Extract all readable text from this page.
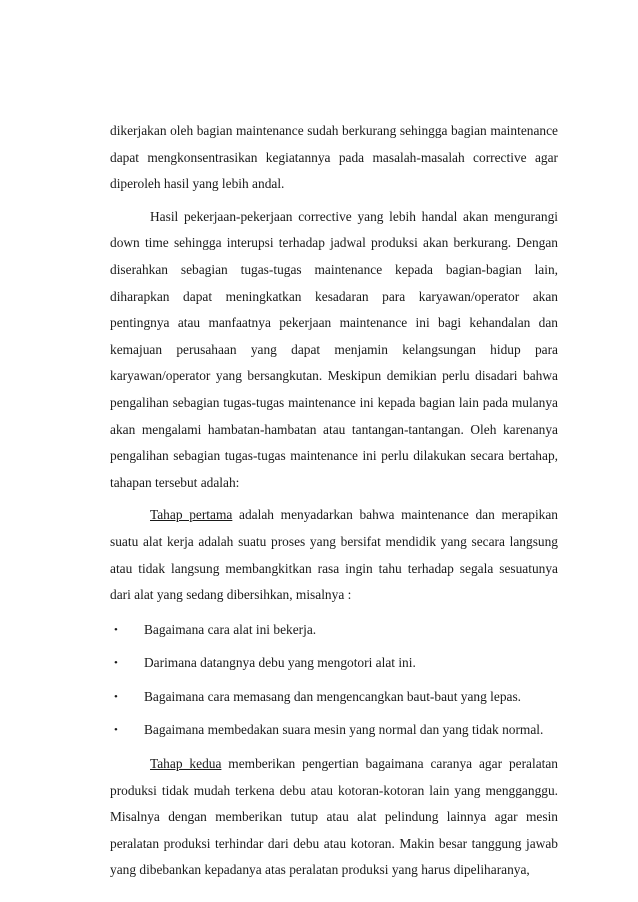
dikerjakan oleh bagian maintenance sudah berkurang sehingga bagian maintenance dapat mengkonsentrasikan kegiatannya pada masalah-masalah corrective agar diperoleh hasil yang lebih andal.

Hasil pekerjaan-pekerjaan corrective yang lebih handal akan mengurangi down time sehingga interupsi terhadap jadwal produksi akan berkurang. Dengan diserahkan sebagian tugas-tugas maintenance kepada bagian-bagian lain, diharapkan dapat meningkatkan kesadaran para karyawan/operator akan pentingnya atau manfaatnya pekerjaan maintenance ini bagi kehandalan dan kemajuan perusahaan yang dapat menjamin kelangsungan hidup para karyawan/operator yang bersangkutan. Meskipun demikian perlu disadari bahwa pengalihan sebagian tugas-tugas maintenance ini kepada bagian lain pada mulanya akan mengalami hambatan-hambatan atau tantangan-tantangan. Oleh karenanya pengalihan sebagian tugas-tugas maintenance ini perlu dilakukan secara bertahap, tahapan tersebut adalah:

Tahap pertama adalah menyadarkan bahwa maintenance dan merapikan suatu alat kerja adalah suatu proses yang bersifat mendidik yang secara langsung atau tidak langsung membangkitkan rasa ingin tahu terhadap segala sesuatunya dari alat yang sedang dibersihkan, misalnya :

• Bagaimana cara alat ini bekerja.
• Darimana datangnya debu yang mengotori alat ini.
• Bagaimana cara memasang dan mengencangkan baut-baut yang lepas.
• Bagaimana membedakan suara mesin yang normal dan yang tidak normal.

Tahap kedua memberikan pengertian bagaimana caranya agar peralatan produksi tidak mudah terkena debu atau kotoran-kotoran lain yang mengganggu. Misalnya dengan memberikan tutup atau alat pelindung lainnya agar mesin peralatan produksi terhindar dari debu atau kotoran. Makin besar tanggung jawab yang dibebankan kepadanya atas peralatan produksi yang harus dipeliharanya,
